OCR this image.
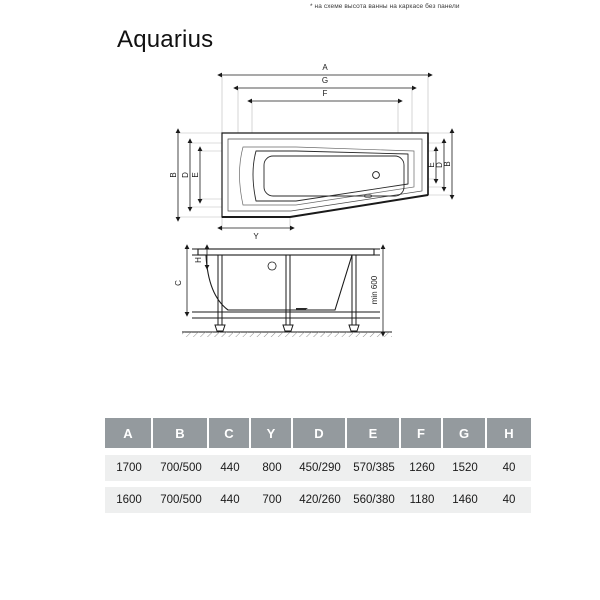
* на схеме высота ванны на каркасе без панели
Aquarius
A
G
F
B D E
E D B
Y
H
C	min 600
A	B	C	Y	D	E	F	G	H

1700	700/500	440	800	450/290	570/385	1260	1520	40

1600	700/500	440	700	420/260	560/380	1180	1460	40
